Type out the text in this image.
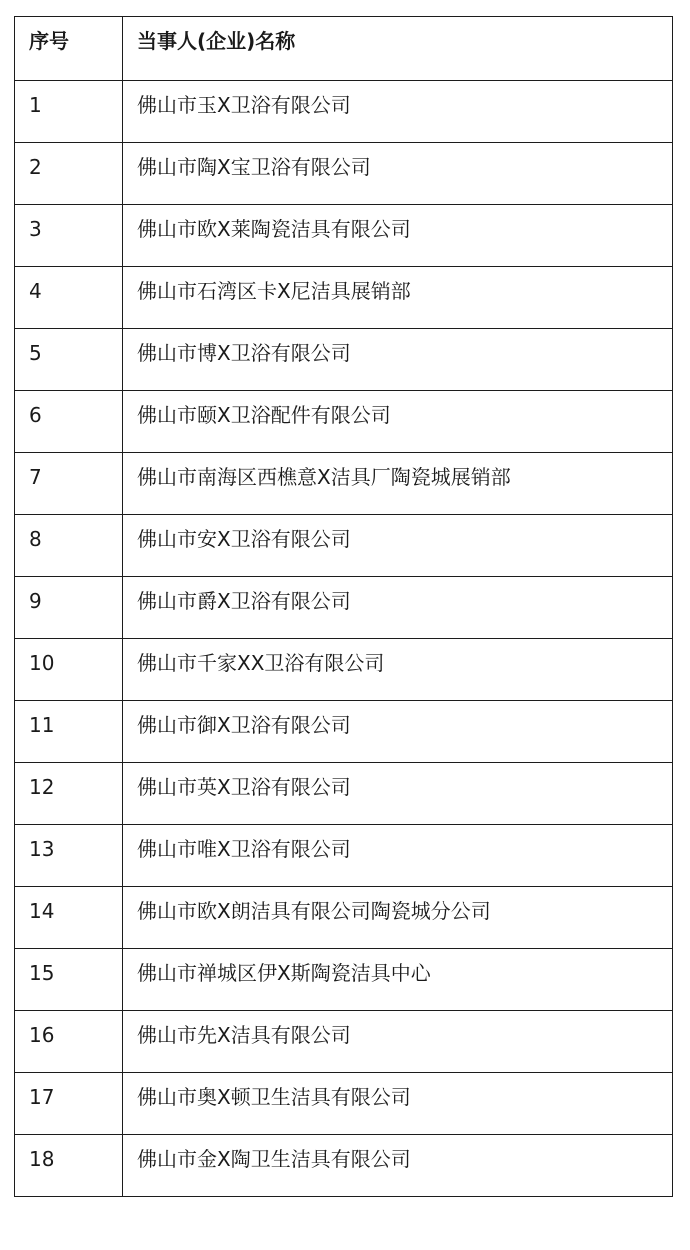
序号	当事人(企业)名称

1	佛山市玉X卫浴有限公司

2	佛山市陶X宝卫浴有限公司

3	佛山市欧X莱陶瓷洁具有限公司

4	佛山市石湾区卡X尼洁具展销部

5	佛山市博X卫浴有限公司

6	佛山市颐X卫浴配件有限公司

7	佛山市南海区西樵意X洁具厂陶瓷城展销部

8	佛山市安X卫浴有限公司

9	佛山市爵X卫浴有限公司

10	佛山市千家XX卫浴有限公司

11	佛山市御X卫浴有限公司

12	佛山市英X卫浴有限公司

13	佛山市唯X卫浴有限公司

14	佛山市欧X朗洁具有限公司陶瓷城分公司

15	佛山市禅城区伊X斯陶瓷洁具中心

16	佛山市先X洁具有限公司

17	佛山市奥X顿卫生洁具有限公司

18	佛山市金X陶卫生洁具有限公司
